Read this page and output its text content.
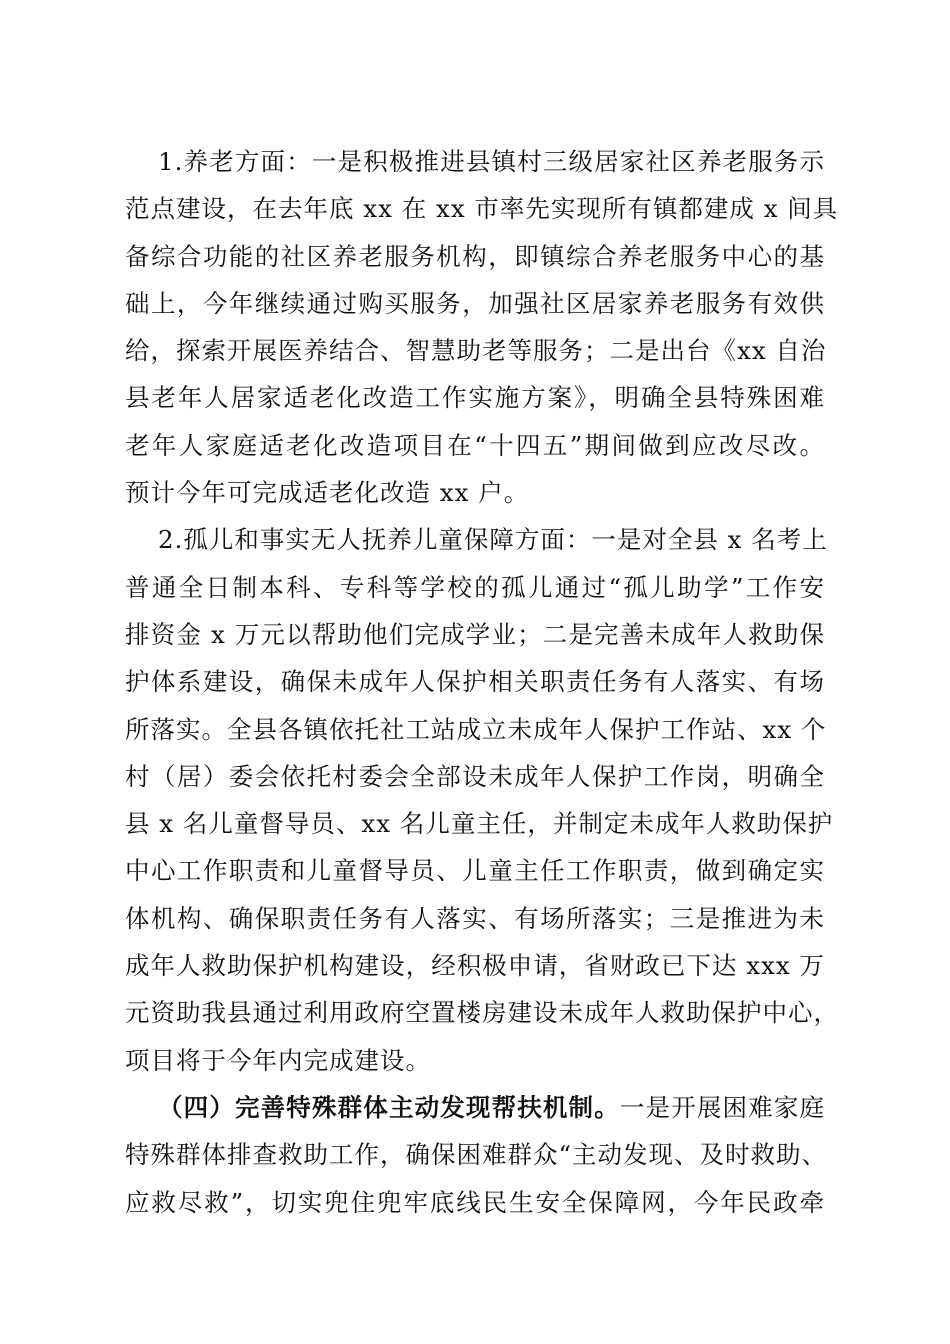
1.养老方面：一是积极推进县镇村三级居家社区养老服务示
范点建设，在去年底 xx 在 xx 市率先实现所有镇都建成 x 间具
备综合功能的社区养老服务机构，即镇综合养老服务中心的基
础上，今年继续通过购买服务，加强社区居家养老服务有效供
给，探索开展医养结合、智慧助老等服务；二是出台《xx 自治
县老年人居家适老化改造工作实施方案》，明确全县特殊困难
老年人家庭适老化改造项目在“十四五”期间做到应改尽改。
预计今年可完成适老化改造 xx 户。
2.孤儿和事实无人抚养儿童保障方面：一是对全县 x 名考上
普通全日制本科、专科等学校的孤儿通过“孤儿助学”工作安
排资金 x 万元以帮助他们完成学业；二是完善未成年人救助保
护体系建设，确保未成年人保护相关职责任务有人落实、有场
所落实。全县各镇依托社工站成立未成年人保护工作站、xx 个
村（居）委会依托村委会全部设未成年人保护工作岗，明确全
县 x 名儿童督导员、xx 名儿童主任，并制定未成年人救助保护
中心工作职责和儿童督导员、儿童主任工作职责，做到确定实
体机构、确保职责任务有人落实、有场所落实；三是推进为未
成年人救助保护机构建设，经积极申请，省财政已下达 xxx 万
元资助我县通过利用政府空置楼房建设未成年人救助保护中心，
项目将于今年内完成建设。
（四）完善特殊群体主动发现帮扶机制。一是开展困难家庭
特殊群体排查救助工作，确保困难群众“主动发现、及时救助、
应救尽救”，切实兜住兜牢底线民生安全保障网，今年民政牵
